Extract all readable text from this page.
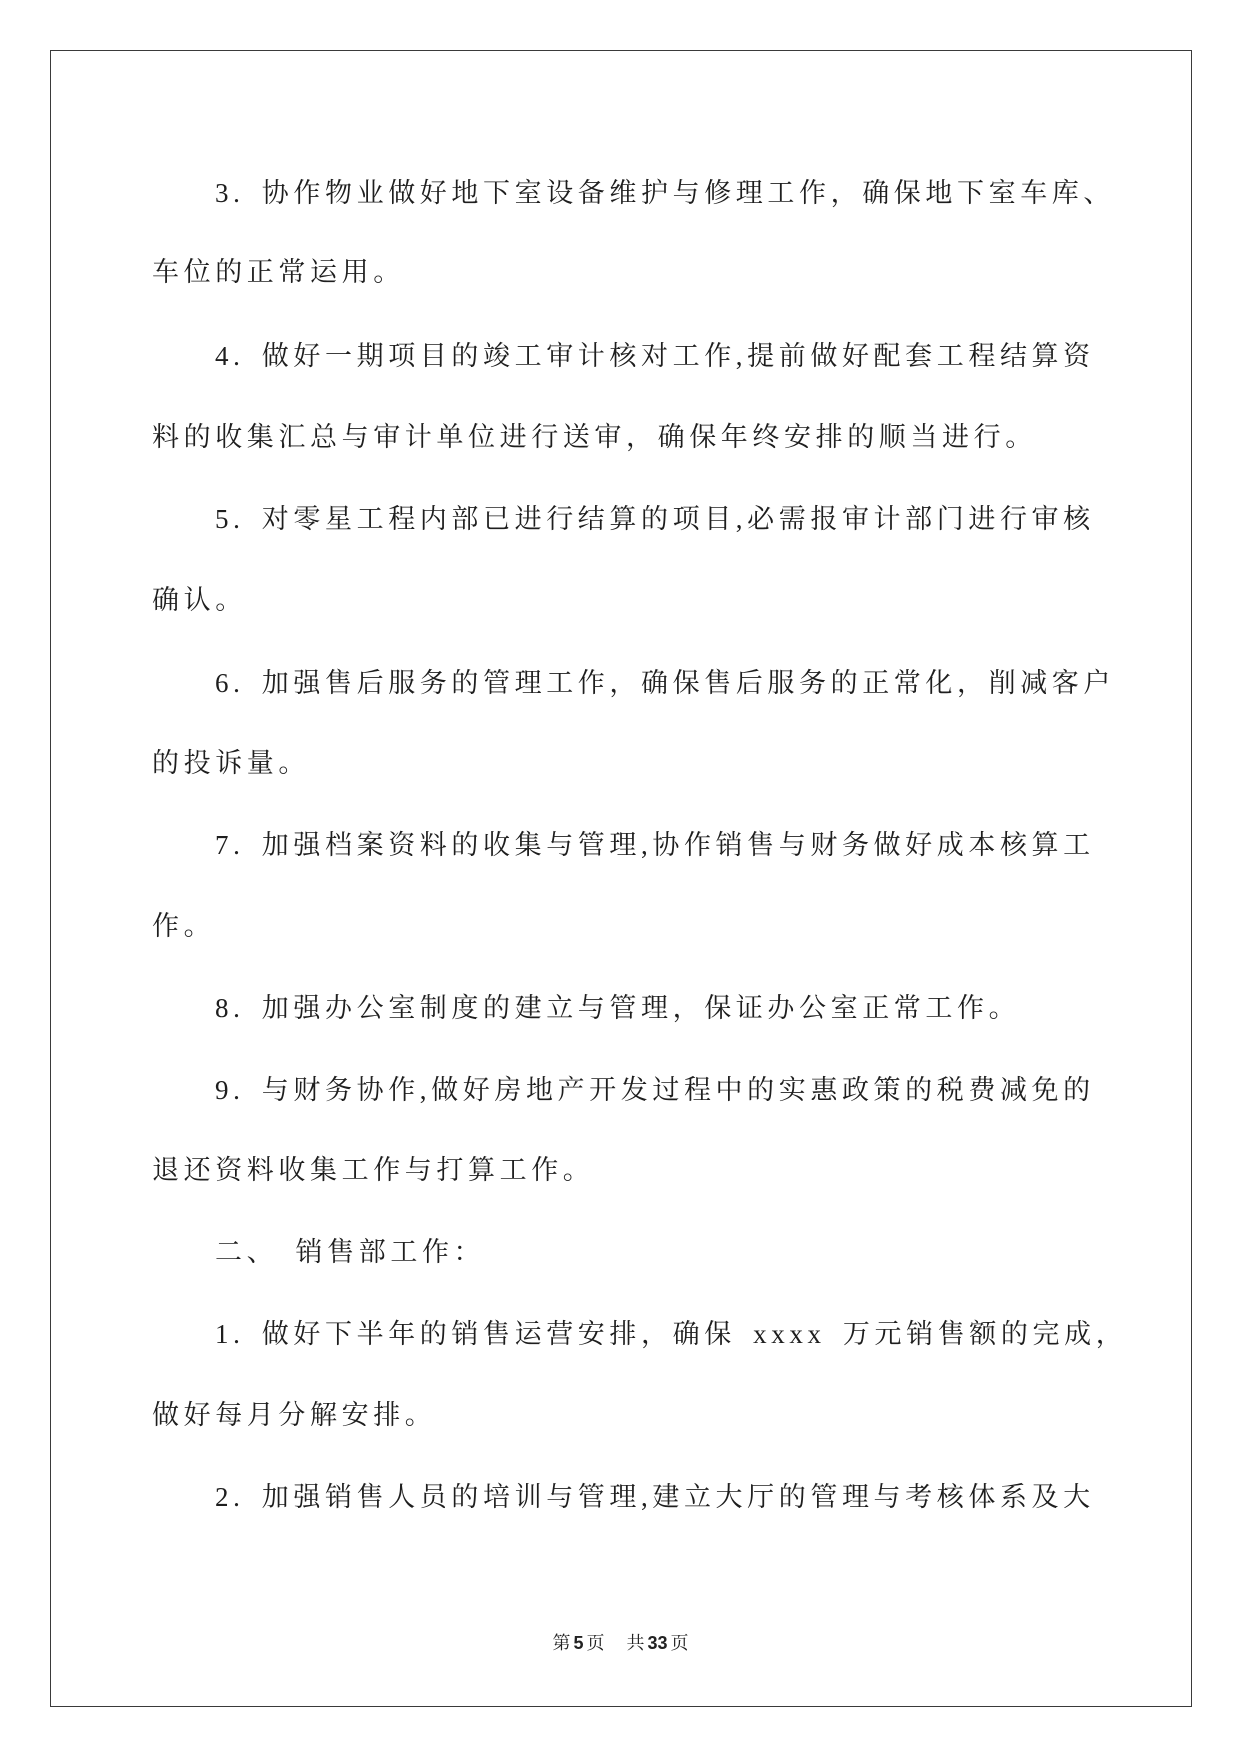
3. 协作物业做好地下室设备维护与修理工作，确保地下室车库、
车位的正常运用。
4. 做好一期项目的竣工审计核对工作,提前做好配套工程结算资
料的收集汇总与审计单位进行送审，确保年终安排的顺当进行。
5. 对零星工程内部已进行结算的项目,必需报审计部门进行审核
确认。
6. 加强售后服务的管理工作，确保售后服务的正常化，削减客户
的投诉量。
7. 加强档案资料的收集与管理,协作销售与财务做好成本核算工
作。
8. 加强办公室制度的建立与管理，保证办公室正常工作。
9. 与财务协作,做好房地产开发过程中的实惠政策的税费减免的
退还资料收集工作与打算工作。
二、 销售部工作：
1. 做好下半年的销售运营安排，确保 xxxx 万元销售额的完成，
做好每月分解安排。
2. 加强销售人员的培训与管理,建立大厅的管理与考核体系及大
第 5 页 共 33 页
